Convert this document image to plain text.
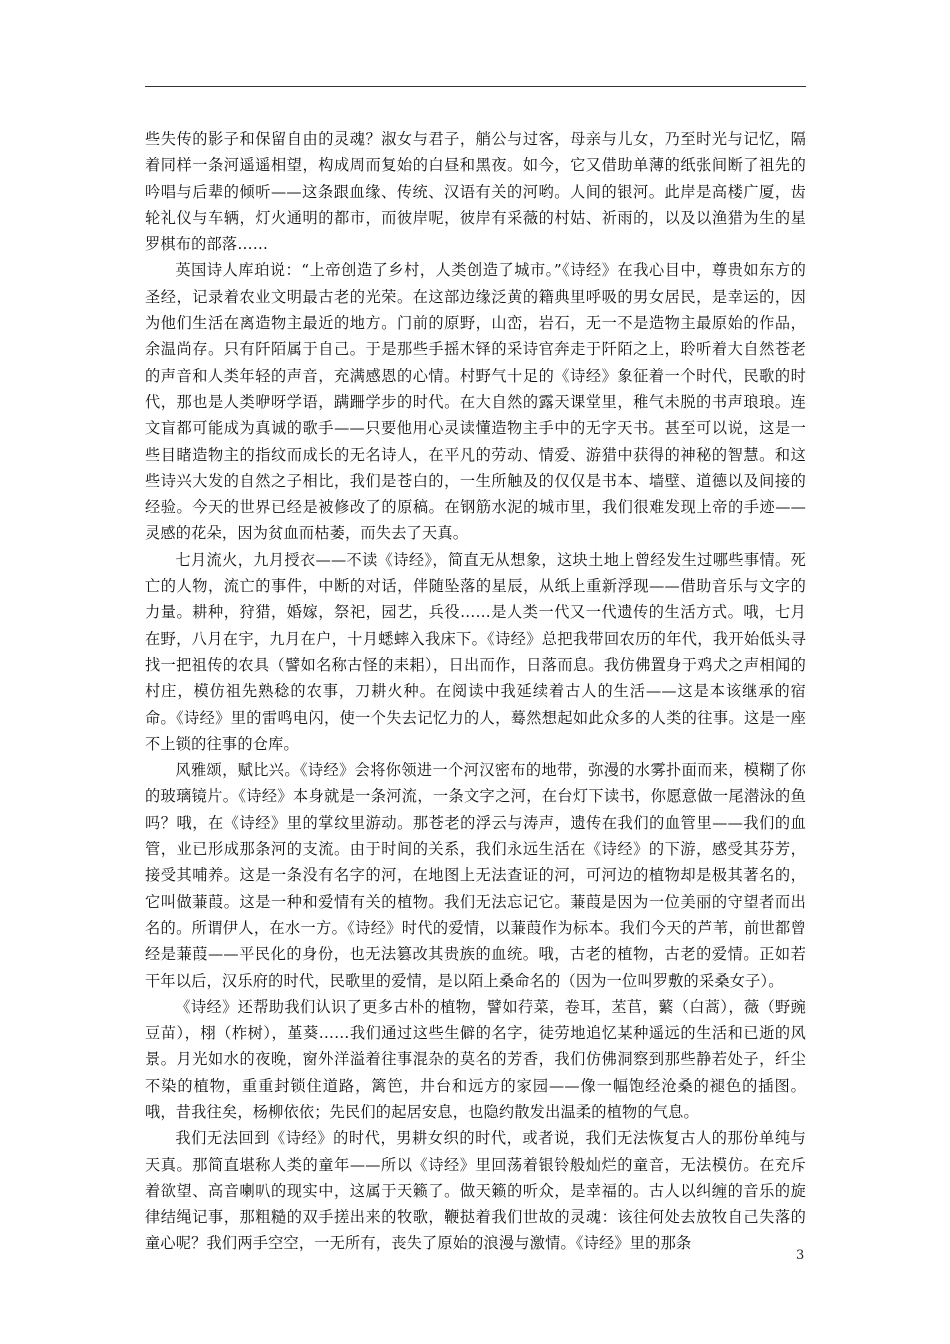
些失传的影子和保留自由的灵魂？淑女与君子，艄公与过客，母亲与儿女，乃至时光与记忆，隔着同样一条河遥遥相望，构成周而复始的白昼和黑夜。如今，它又借助单薄的纸张间断了祖先的吟唱与后辈的倾听——这条跟血缘、传统、汉语有关的河哟。人间的银河。此岸是高楼广厦，齿轮礼仪与车辆，灯火通明的都市，而彼岸呢，彼岸有采薇的村姑、祈雨的，以及以渔猎为生的星罗棋布的部落……

英国诗人库珀说：“上帝创造了乡村，人类创造了城市。”《诗经》在我心目中，尊贵如东方的圣经，记录着农业文明最古老的光荣。在这部边缘泛黄的籍典里呼吸的男女居民，是幸运的，因为他们生活在离造物主最近的地方。门前的原野，山峦，岩石，无一不是造物主最原始的作品，余温尚存。只有阡陌属于自己。于是那些手摇木铎的采诗官奔走于阡陌之上，聆听着大自然苍老的声音和人类年轻的声音，充满感恩的心情。村野气十足的《诗经》象征着一个时代，民歌的时代，那也是人类咿呀学语，蹒跚学步的时代。在大自然的露天课堂里，稚气未脱的书声琅琅。连文盲都可能成为真诚的歌手——只要他用心灵读懂造物主手中的无字天书。甚至可以说，这是一些目睹造物主的指纹而成长的无名诗人，在平凡的劳动、情爱、游猎中获得的神秘的智慧。和这些诗兴大发的自然之子相比，我们是苍白的，一生所触及的仅仅是书本、墙壁、道德以及间接的经验。今天的世界已经是被修改了的原稿。在钢筋水泥的城市里，我们很难发现上帝的手迹——灵感的花朵，因为贫血而枯萎，而失去了天真。

七月流火，九月授衣——不读《诗经》，简直无从想象，这块土地上曾经发生过哪些事情。死亡的人物，流亡的事件，中断的对话，伴随坠落的星辰，从纸上重新浮现——借助音乐与文字的力量。耕种，狩猎，婚嫁，祭祀，园艺，兵役……是人类一代又一代遗传的生活方式。哦，七月在野，八月在宇，九月在户，十月蟋蟀入我床下。《诗经》总把我带回农历的年代，我开始低头寻找一把祖传的农具（譬如名称古怪的耒耜），日出而作，日落而息。我仿佛置身于鸡犬之声相闻的村庄，模仿祖先熟稔的农事，刀耕火种。在阅读中我延续着古人的生活——这是本该继承的宿命。《诗经》里的雷鸣电闪，使一个失去记忆力的人，蓦然想起如此众多的人类的往事。这是一座不上锁的往事的仓库。

风雅颂，赋比兴。《诗经》会将你领进一个河汉密布的地带，弥漫的水雾扑面而来，模糊了你的玻璃镜片。《诗经》本身就是一条河流，一条文字之河，在台灯下读书，你愿意做一尾潜泳的鱼吗？哦，在《诗经》里的掌纹里游动。那苍老的浮云与涛声，遗传在我们的血管里——我们的血管，业已形成那条河的支流。由于时间的关系，我们永远生活在《诗经》的下游，感受其芬芳，接受其哺养。这是一条没有名字的河，在地图上无法查证的河，可河边的植物却是极其著名的，它叫做蒹葭。这是一种和爱情有关的植物。我们无法忘记它。蒹葭是因为一位美丽的守望者而出名的。所谓伊人，在水一方。《诗经》时代的爱情，以蒹葭作为标本。我们今天的芦苇，前世都曾经是蒹葭——平民化的身份，也无法篡改其贵族的血统。哦，古老的植物，古老的爱情。正如若干年以后，汉乐府的时代，民歌里的爱情，是以陌上桑命名的（因为一位叫罗敷的采桑女子）。

《诗经》还帮助我们认识了更多古朴的植物，譬如荇菜，卷耳，苤苢，蘩（白蒿），薇（野豌豆苗），栩（柞树），堇葵……我们通过这些生僻的名字，徒劳地追忆某种遥远的生活和已逝的风景。月光如水的夜晚，窗外洋溢着往事混杂的莫名的芳香，我们仿佛洞察到那些静若处子，纤尘不染的植物，重重封锁住道路，篱笆，井台和远方的家园——像一幅饱经沧桑的褪色的插图。哦，昔我往矣，杨柳依依；先民们的起居安息，也隐约散发出温柔的植物的气息。

我们无法回到《诗经》的时代，男耕女织的时代，或者说，我们无法恢复古人的那份单纯与天真。那简直堪称人类的童年——所以《诗经》里回荡着银铃般灿烂的童音，无法模仿。在充斥着欲望、高音喇叭的现实中，这属于天籁了。做天籁的听众，是幸福的。古人以纠缠的音乐的旋律结绳记事，那粗糙的双手搓出来的牧歌，鞭挞着我们世故的灵魂：该往何处去放牧自己失落的童心呢？我们两手空空，一无所有，丧失了原始的浪漫与激情。《诗经》里的那条

3
